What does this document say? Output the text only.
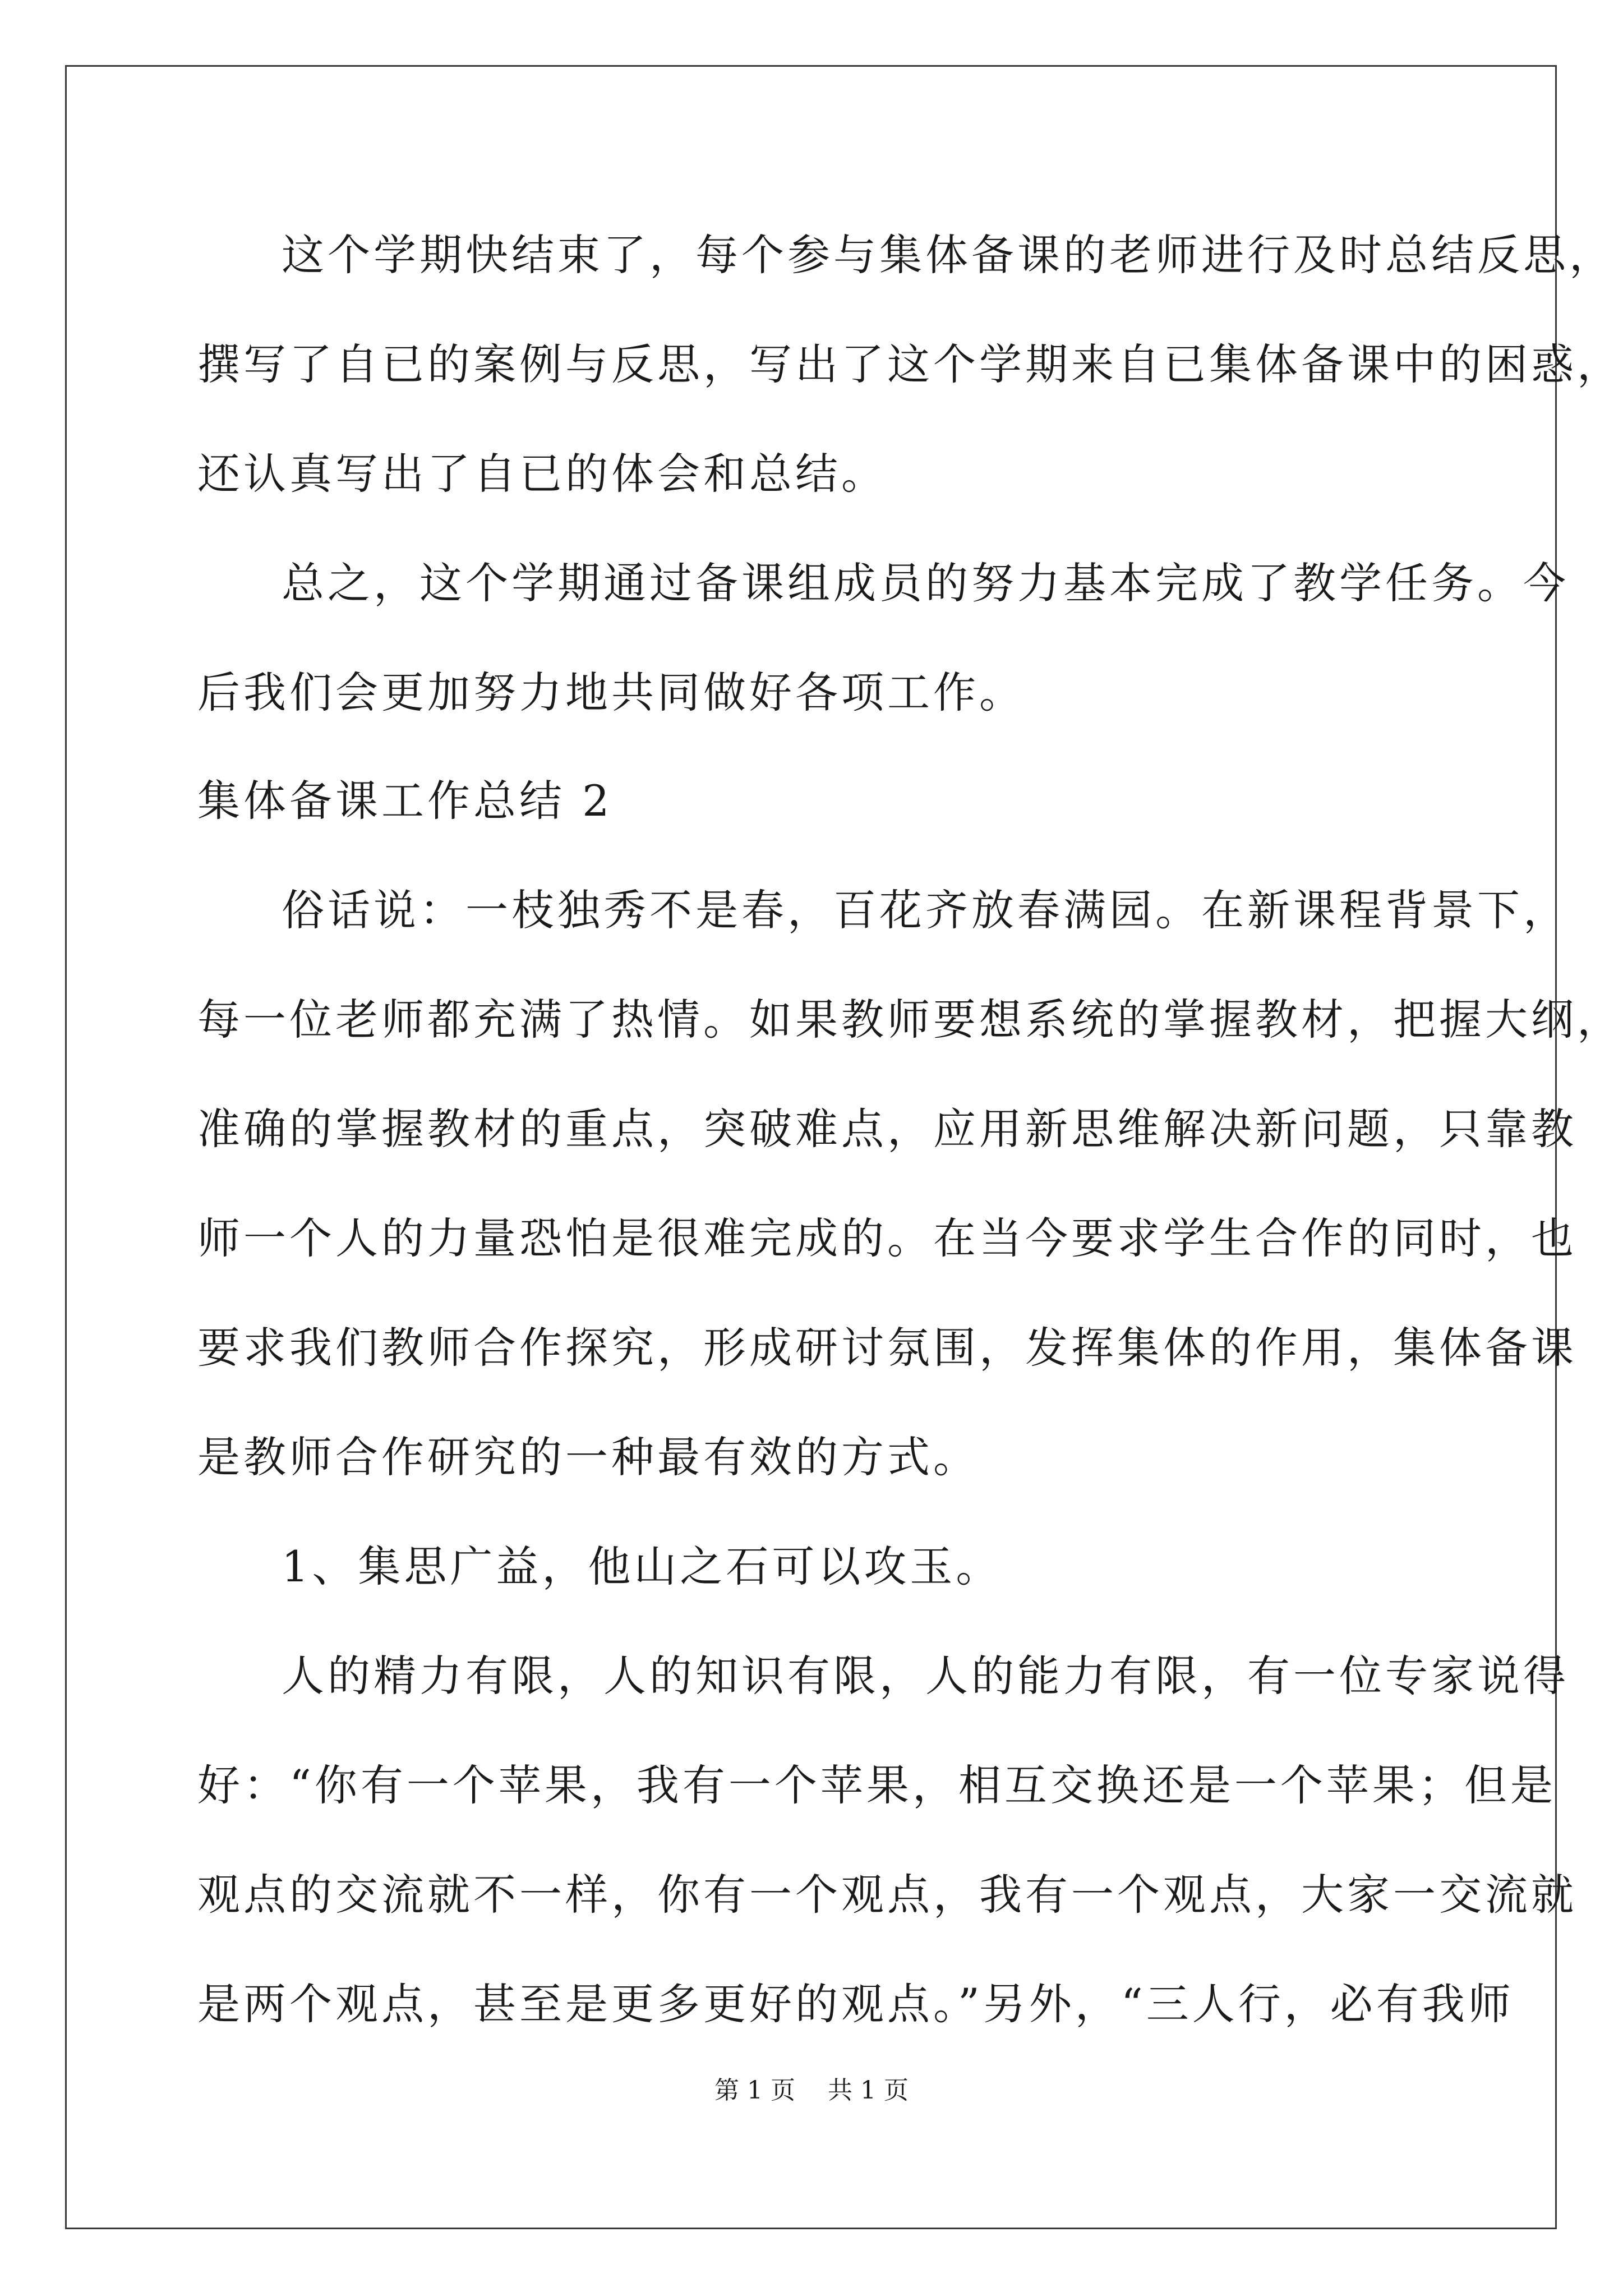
这个学期快结束了，每个参与集体备课的老师进行及时总结反思，
撰写了自已的案例与反思，写出了这个学期来自已集体备课中的困惑，
还认真写出了自已的体会和总结。
总之，这个学期通过备课组成员的努力基本完成了教学任务。今
后我们会更加努力地共同做好各项工作。
集体备课工作总结 2
俗话说：一枝独秀不是春，百花齐放春满园。在新课程背景下，
每一位老师都充满了热情。如果教师要想系统的掌握教材，把握大纲，
准确的掌握教材的重点，突破难点，应用新思维解决新问题，只靠教
师一个人的力量恐怕是很难完成的。在当今要求学生合作的同时，也
要求我们教师合作探究，形成研讨氛围，发挥集体的作用，集体备课
是教师合作研究的一种最有效的方式。
1、集思广益，他山之石可以攻玉。
人的精力有限，人的知识有限，人的能力有限，有一位专家说得
好：“你有一个苹果，我有一个苹果，相互交换还是一个苹果；但是
观点的交流就不一样，你有一个观点，我有一个观点，大家一交流就
是两个观点，甚至是更多更好的观点。”另外，“三人行，必有我师
第 1 页 共 1 页
